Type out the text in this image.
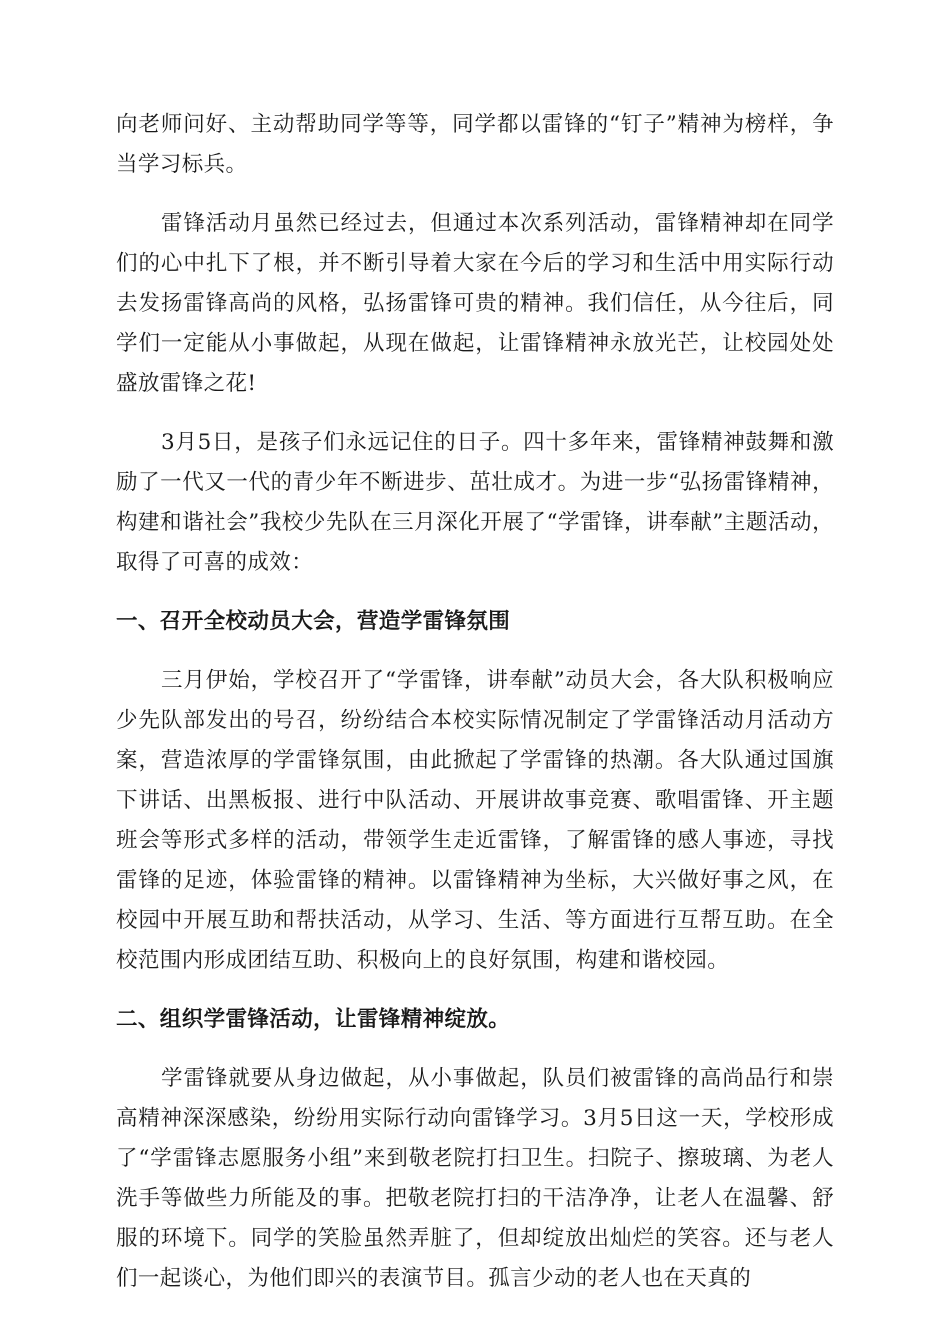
向老师问好、主动帮助同学等等，同学都以雷锋的“钉子”精神为榜样，争当学习标兵。

雷锋活动月虽然已经过去，但通过本次系列活动，雷锋精神却在同学们的心中扎下了根，并不断引导着大家在今后的学习和生活中用实际行动去发扬雷锋高尚的风格，弘扬雷锋可贵的精神。我们信任，从今往后，同学们一定能从小事做起，从现在做起，让雷锋精神永放光芒，让校园处处盛放雷锋之花!

3月5日，是孩子们永远记住的日子。四十多年来，雷锋精神鼓舞和激励了一代又一代的青少年不断进步、茁壮成才。为进一步“弘扬雷锋精神，构建和谐社会”我校少先队在三月深化开展了“学雷锋，讲奉献”主题活动，取得了可喜的成效：

一、召开全校动员大会，营造学雷锋氛围

三月伊始，学校召开了“学雷锋，讲奉献”动员大会，各大队积极响应少先队部发出的号召，纷纷结合本校实际情况制定了学雷锋活动月活动方案，营造浓厚的学雷锋氛围，由此掀起了学雷锋的热潮。各大队通过国旗下讲话、出黑板报、进行中队活动、开展讲故事竞赛、歌唱雷锋、开主题班会等形式多样的活动，带领学生走近雷锋，了解雷锋的感人事迹，寻找雷锋的足迹，体验雷锋的精神。以雷锋精神为坐标，大兴做好事之风，在校园中开展互助和帮扶活动，从学习、生活、等方面进行互帮互助。在全校范围内形成团结互助、积极向上的良好氛围，构建和谐校园。

二、组织学雷锋活动，让雷锋精神绽放。

学雷锋就要从身边做起，从小事做起，队员们被雷锋的高尚品行和崇高精神深深感染，纷纷用实际行动向雷锋学习。3月5日这一天，学校形成了“学雷锋志愿服务小组”来到敬老院打扫卫生。扫院子、擦玻璃、为老人洗手等做些力所能及的事。把敬老院打扫的干洁净净，让老人在温馨、舒服的环境下。同学的笑脸虽然弄脏了，但却绽放出灿烂的笑容。还与老人们一起谈心，为他们即兴的表演节目。孤言少动的老人也在天真的
